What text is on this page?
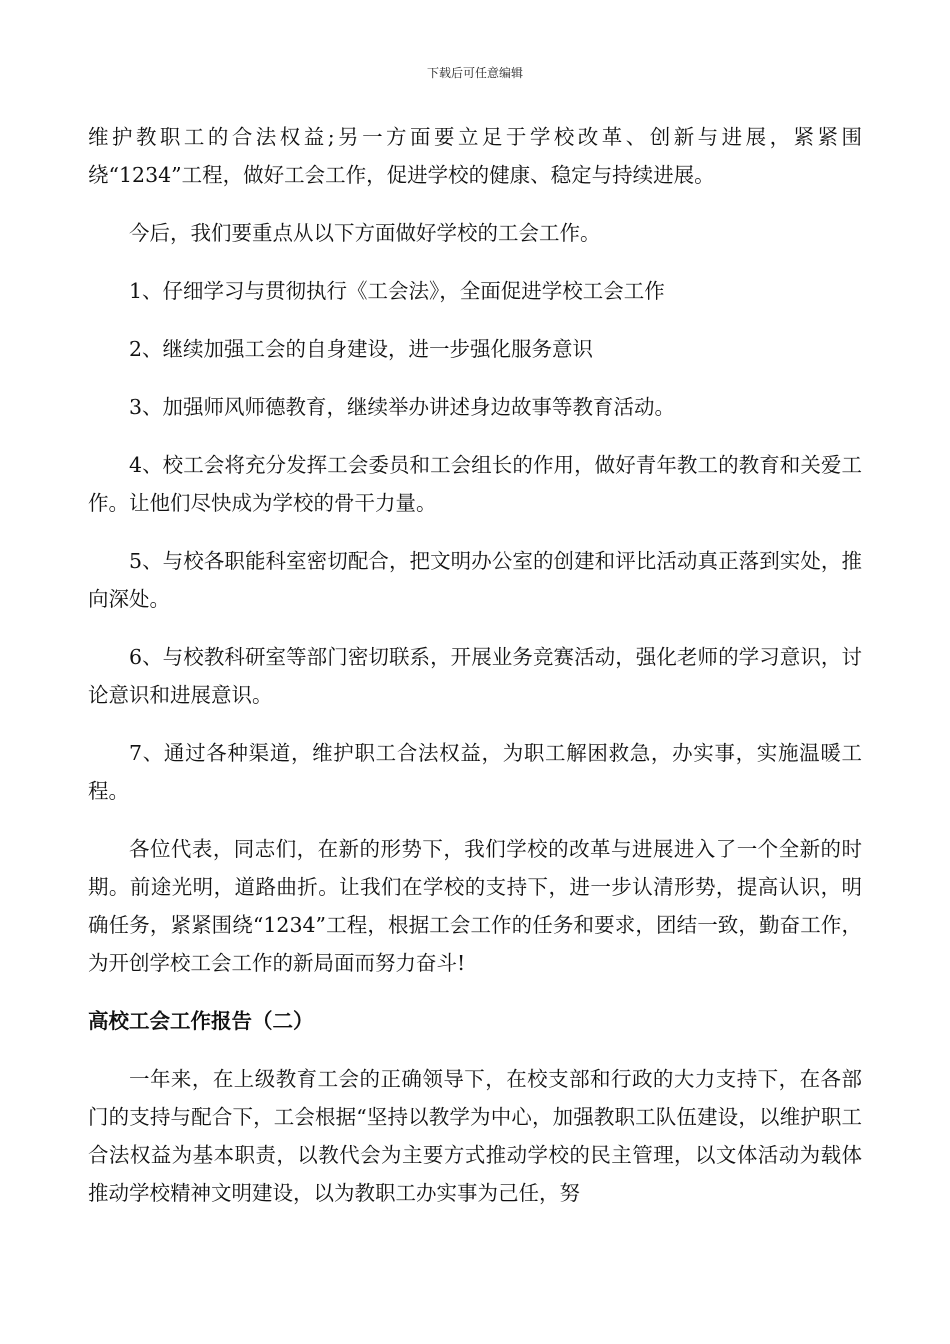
下载后可任意编辑

维护教职工的合法权益;另一方面要立足于学校改革、创新与进展，紧紧围绕“1234”工程，做好工会工作，促进学校的健康、稳定与持续进展。

今后，我们要重点从以下方面做好学校的工会工作。

1、仔细学习与贯彻执行《工会法》，全面促进学校工会工作

2、继续加强工会的自身建设，进一步强化服务意识

3、加强师风师德教育，继续举办讲述身边故事等教育活动。

4、校工会将充分发挥工会委员和工会组长的作用，做好青年教工的教育和关爱工作。让他们尽快成为学校的骨干力量。

5、与校各职能科室密切配合，把文明办公室的创建和评比活动真正落到实处，推向深处。

6、与校教科研室等部门密切联系，开展业务竞赛活动，强化老师的学习意识，讨论意识和进展意识。

7、通过各种渠道，维护职工合法权益，为职工解困救急，办实事，实施温暖工程。

各位代表，同志们，在新的形势下，我们学校的改革与进展进入了一个全新的时期。前途光明，道路曲折。让我们在学校的支持下，进一步认清形势，提高认识，明确任务，紧紧围绕“1234”工程，根据工会工作的任务和要求，团结一致，勤奋工作，为开创学校工会工作的新局面而努力奋斗!

高校工会工作报告（二）

一年来，在上级教育工会的正确领导下，在校支部和行政的大力支持下，在各部门的支持与配合下，工会根据“坚持以教学为中心，加强教职工队伍建设，以维护职工合法权益为基本职责，以教代会为主要方式推动学校的民主管理，以文体活动为载体推动学校精神文明建设，以为教职工办实事为己任，努
